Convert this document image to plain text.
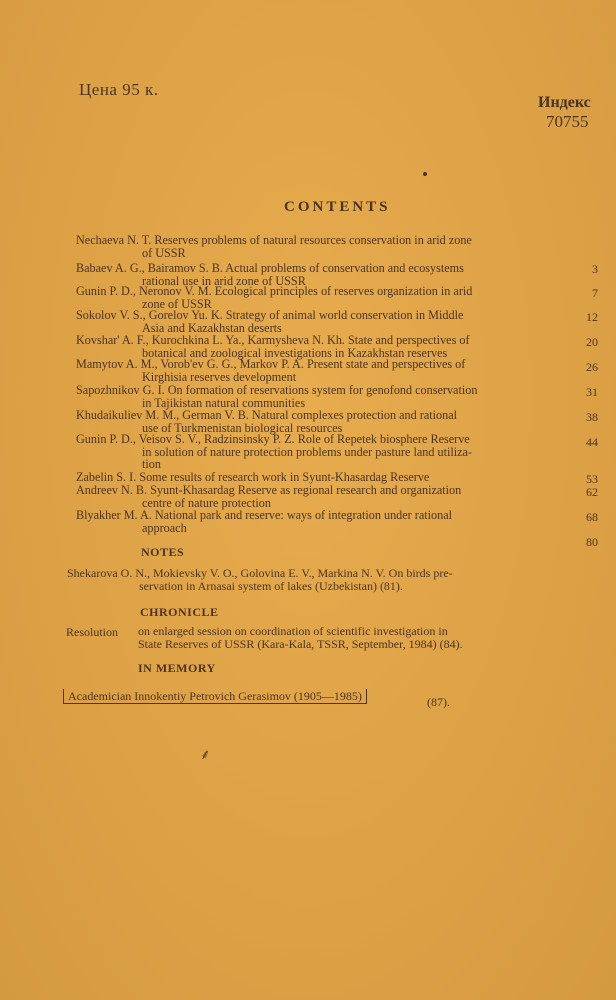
Цена 95 к.
Индекс
70755
CONTENTS
Nechaeva N. T. Reserves problems of natural resources conservation in arid zone
of USSR
3
Babaev A. G., Bairamov S. B. Actual problems of conservation and ecosystems
rational use in arid zone of USSR
7
Gunin P. D., Neronov V. M. Ecological principles of reserves organization in arid
zone of USSR
12
Sokolov V. S., Gorelov Yu. K. Strategy of animal world conservation in Middle
Asia and Kazakhstan deserts
20
Kovshar' A. F., Kurochkina L. Ya., Karmysheva N. Kh. State and perspectives of
botanical and zoological investigations in Kazakhstan reserves
26
Mamytov A. M., Vorob'ev G. G., Markov P. A. Present state and perspectives of
Kirghisia reserves development
31
Sapozhnikov G. I. On formation of reservations system for genofond conservation
in Tajikistan natural communities
38
Khudaikuliev M. M., German V. B. Natural complexes protection and rational
use of Turkmenistan biological resources
44
Gunin P. D., Veisov S. V., Radzinsinsky P. Z. Role of Repetek biosphere Reserve
in solution of nature protection problems under pasture land utiliza-
tion
53
Zabelin S. I. Some results of research work in Syunt-Khasardag Reserve
62
Andreev N. B. Syunt-Khasardag Reserve as regional research and organization
centre of nature protection
68
Blyakher M. A. National park and reserve: ways of integration under rational
approach
80
NOTES
Shekarova O. N., Mokievsky V. O., Golovina E. V., Markina N. V. On birds pre-
servation in Arnasai system of lakes (Uzbekistan) (81).
CHRONICLE
Resolution on enlarged session on coordination of scientific investigation in
State Reserves of USSR (Kara-Kala, TSSR, September, 1984) (84).
IN MEMORY
Academician Innokentiy Petrovich Gerasimov (1905—1985)	(87).
⸙
